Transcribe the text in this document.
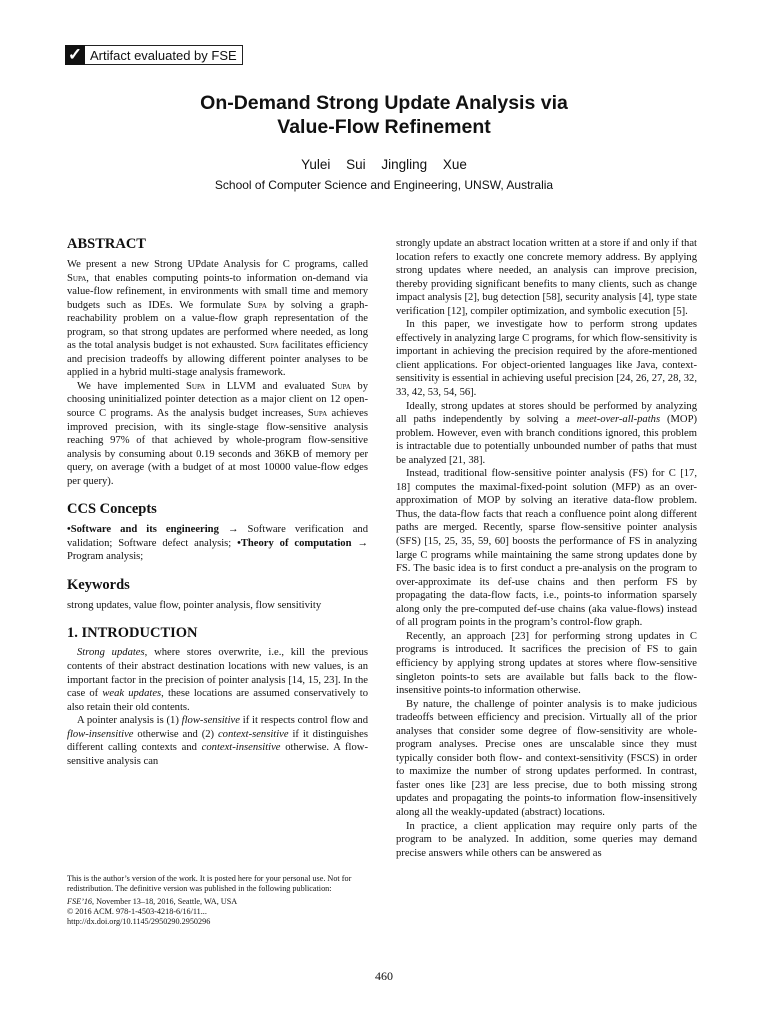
✓ Artifact evaluated by FSE
On-Demand Strong Update Analysis via
Value-Flow Refinement
Yulei Sui Jingling Xue
School of Computer Science and Engineering, UNSW, Australia
ABSTRACT

We present a new Strong UPdate Analysis for C programs, called Supa, that enables computing points-to information on-demand via value-flow refinement, in environments with small time and memory budgets such as IDEs. We formulate Supa by solving a graph-reachability problem on a value-flow graph representation of the program, so that strong updates are performed where needed, as long as the total analysis budget is not exhausted. Supa facilitates efficiency and precision tradeoffs by allowing different pointer analyses to be applied in a hybrid multi-stage analysis framework.

We have implemented Supa in LLVM and evaluated Supa by choosing uninitialized pointer detection as a major client on 12 open-source C programs. As the analysis budget increases, Supa achieves improved precision, with its single-stage flow-sensitive analysis reaching 97% of that achieved by whole-program flow-sensitive analysis by consuming about 0.19 seconds and 36KB of memory per query, on average (with a budget of at most 10000 value-flow edges per query).

CCS Concepts

•Software and its engineering → Software verification and validation; Software defect analysis; •Theory of computation → Program analysis;

Keywords

strong updates, value flow, pointer analysis, flow sensitivity

1. INTRODUCTION

Strong updates, where stores overwrite, i.e., kill the previous contents of their abstract destination locations with new values, is an important factor in the precision of pointer analysis [14, 15, 23]. In the case of weak updates, these locations are assumed conservatively to also retain their old contents.

A pointer analysis is (1) flow-sensitive if it respects control flow and flow-insensitive otherwise and (2) context-sensitive if it distinguishes different calling contexts and context-insensitive otherwise. A flow-sensitive analysis can

This is the author’s version of the work. It is posted here for your personal use. Not for redistribution. The definitive version was published in the following publication:

FSE’16, November 13–18, 2016, Seattle, WA, USA

© 2016 ACM. 978-1-4503-4218-6/16/11...

http://dx.doi.org/10.1145/2950290.2950296

strongly update an abstract location written at a store if and only if that location refers to exactly one concrete memory address. By applying strong updates where needed, an analysis can improve precision, thereby providing significant benefits to many clients, such as change impact analysis [2], bug detection [58], security analysis [4], type state verification [12], compiler optimization, and symbolic execution [5].

In this paper, we investigate how to perform strong updates effectively in analyzing large C programs, for which flow-sensitivity is important in achieving the precision required by the afore-mentioned client applications. For object-oriented languages like Java, context-sensitivity is essential in achieving useful precision [24, 26, 27, 28, 32, 33, 42, 53, 54, 56].

Ideally, strong updates at stores should be performed by analyzing all paths independently by solving a meet-over-all-paths (MOP) problem. However, even with branch conditions ignored, this problem is intractable due to potentially unbounded number of paths that must be analyzed [21, 38].

Instead, traditional flow-sensitive pointer analysis (FS) for C [17, 18] computes the maximal-fixed-point solution (MFP) as an over-approximation of MOP by solving an iterative data-flow problem. Thus, the data-flow facts that reach a confluence point along different paths are merged. Recently, sparse flow-sensitive pointer analysis (SFS) [15, 25, 35, 59, 60] boosts the performance of FS in analyzing large C programs while maintaining the same strong updates done by FS. The basic idea is to first conduct a pre-analysis on the program to over-approximate its def-use chains and then perform FS by propagating the data-flow facts, i.e., points-to information sparsely along only the pre-computed def-use chains (aka value-flows) instead of all program points in the program’s control-flow graph.

Recently, an approach [23] for performing strong updates in C programs is introduced. It sacrifices the precision of FS to gain efficiency by applying strong updates at stores where flow-sensitive singleton points-to sets are available but falls back to the flow-insensitive points-to information otherwise.

By nature, the challenge of pointer analysis is to make judicious tradeoffs between efficiency and precision. Virtually all of the prior analyses that consider some degree of flow-sensitivity are whole-program analyses. Precise ones are unscalable since they must typically consider both flow- and context-sensitivity (FSCS) in order to maximize the number of strong updates performed. In contrast, faster ones like [23] are less precise, due to both missing strong updates and propagating the points-to information flow-insensitively along all the weakly-updated (abstract) locations.

In practice, a client application may require only parts of the program to be analyzed. In addition, some queries may demand precise answers while others can be answered as

460
